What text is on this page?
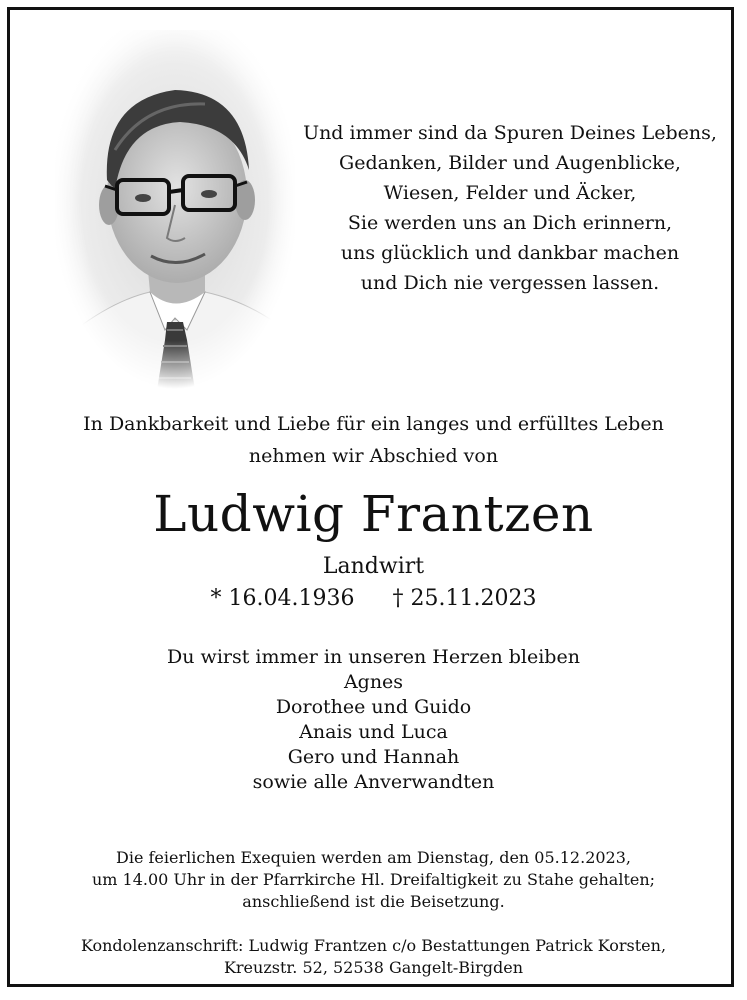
Und immer sind da Spuren Deines Lebens,
Gedanken, Bilder und Augenblicke,
Wiesen, Felder und Äcker,
Sie werden uns an Dich erinnern,
uns glücklich und dankbar machen
und Dich nie vergessen lassen.
In Dankbarkeit und Liebe für ein langes und erfülltes Leben
nehmen wir Abschied von
Ludwig Frantzen
Landwirt
* 16.04.1936 † 25.11.2023
Du wirst immer in unseren Herzen bleiben
Agnes
Dorothee und Guido
Anais und Luca
Gero und Hannah
sowie alle Anverwandten
Die feierlichen Exequien werden am Dienstag, den 05.12.2023,
um 14.00 Uhr in der Pfarrkirche Hl. Dreifaltigkeit zu Stahe gehalten;
anschließend ist die Beisetzung.
Kondolenzanschrift: Ludwig Frantzen c/o Bestattungen Patrick Korsten,
Kreuzstr. 52, 52538 Gangelt-Birgden
